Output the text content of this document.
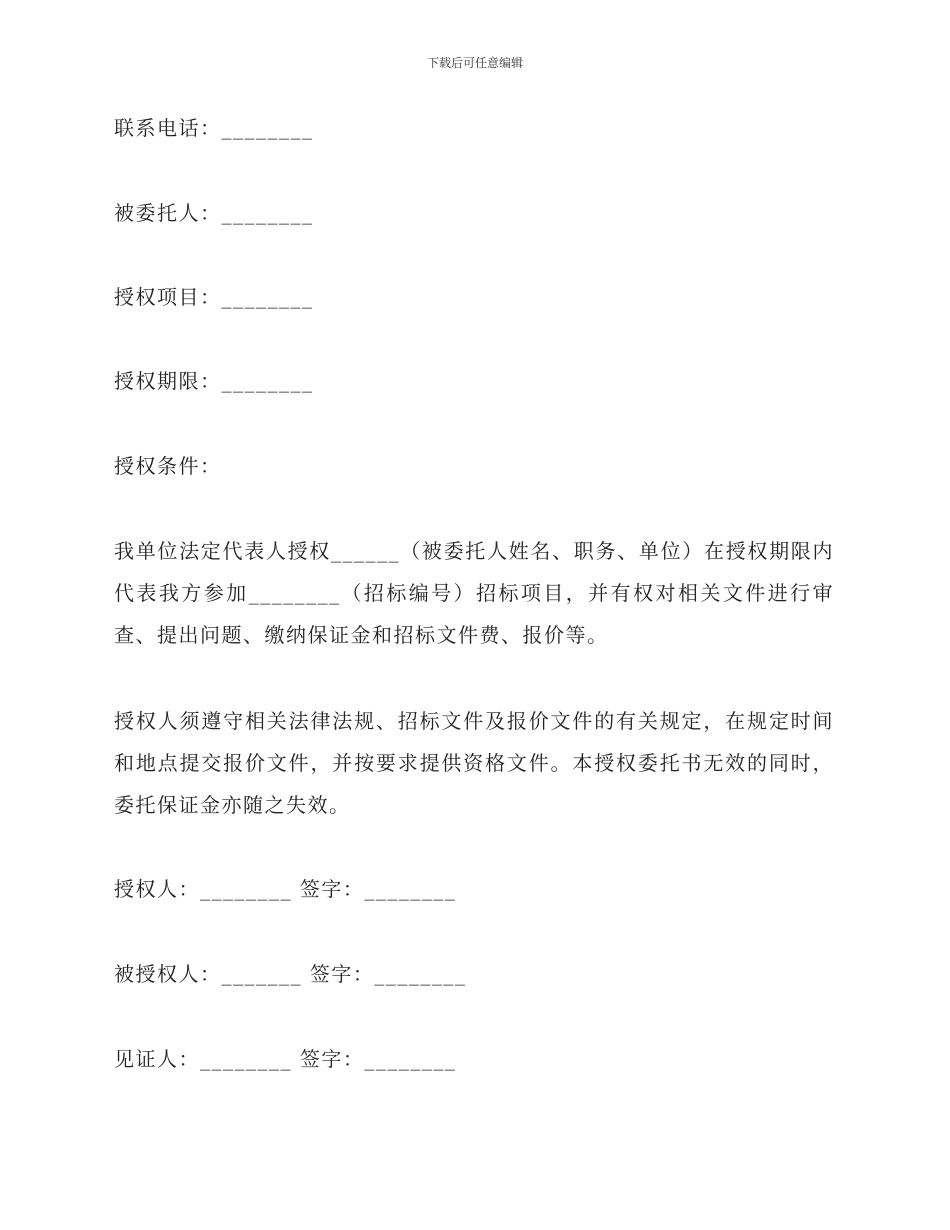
下载后可任意编辑
联系电话：________
被委托人：________
授权项目：________
授权期限：________
授权条件：
我单位法定代表人授权______（被委托人姓名、职务、单位）在授权期限内代表我方参加________（招标编号）招标项目，并有权对相关文件进行审查、提出问题、缴纳保证金和招标文件费、报价等。
授权人须遵守相关法律法规、招标文件及报价文件的有关规定，在规定时间和地点提交报价文件，并按要求提供资格文件。本授权委托书无效的同时，委托保证金亦随之失效。
授权人：________ 签字：________
被授权人：_______ 签字：________
见证人：________ 签字：________
